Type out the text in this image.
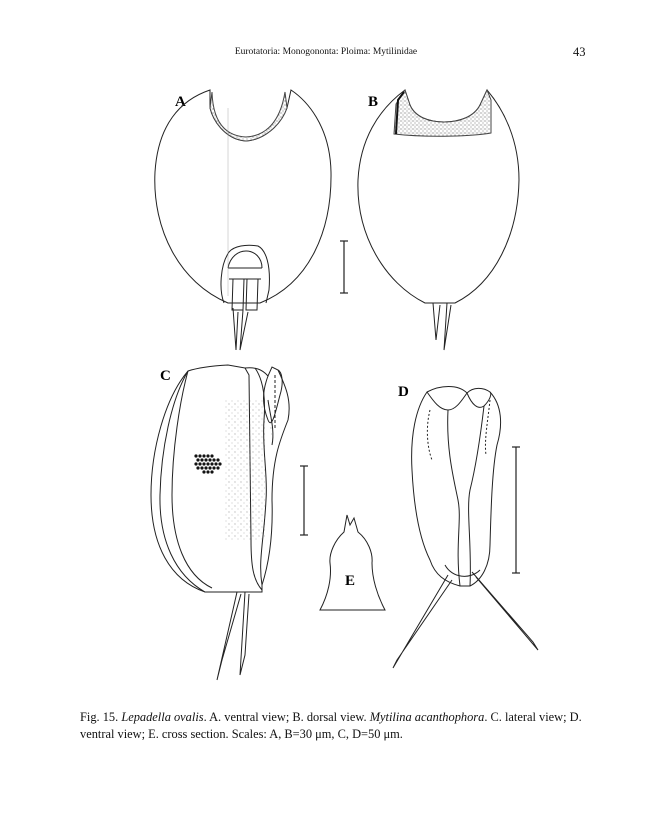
Eurotatoria: Monogononta: Ploima: Mytilinidae	43
A	B
C
D
E
Fig. 15. Lepadella ovalis. A. ventral view; B. dorsal view. Mytilina acanthophora. C. lateral view; D. ventral view; E. cross section. Scales: A, B=30 μm, C, D=50 μm.
